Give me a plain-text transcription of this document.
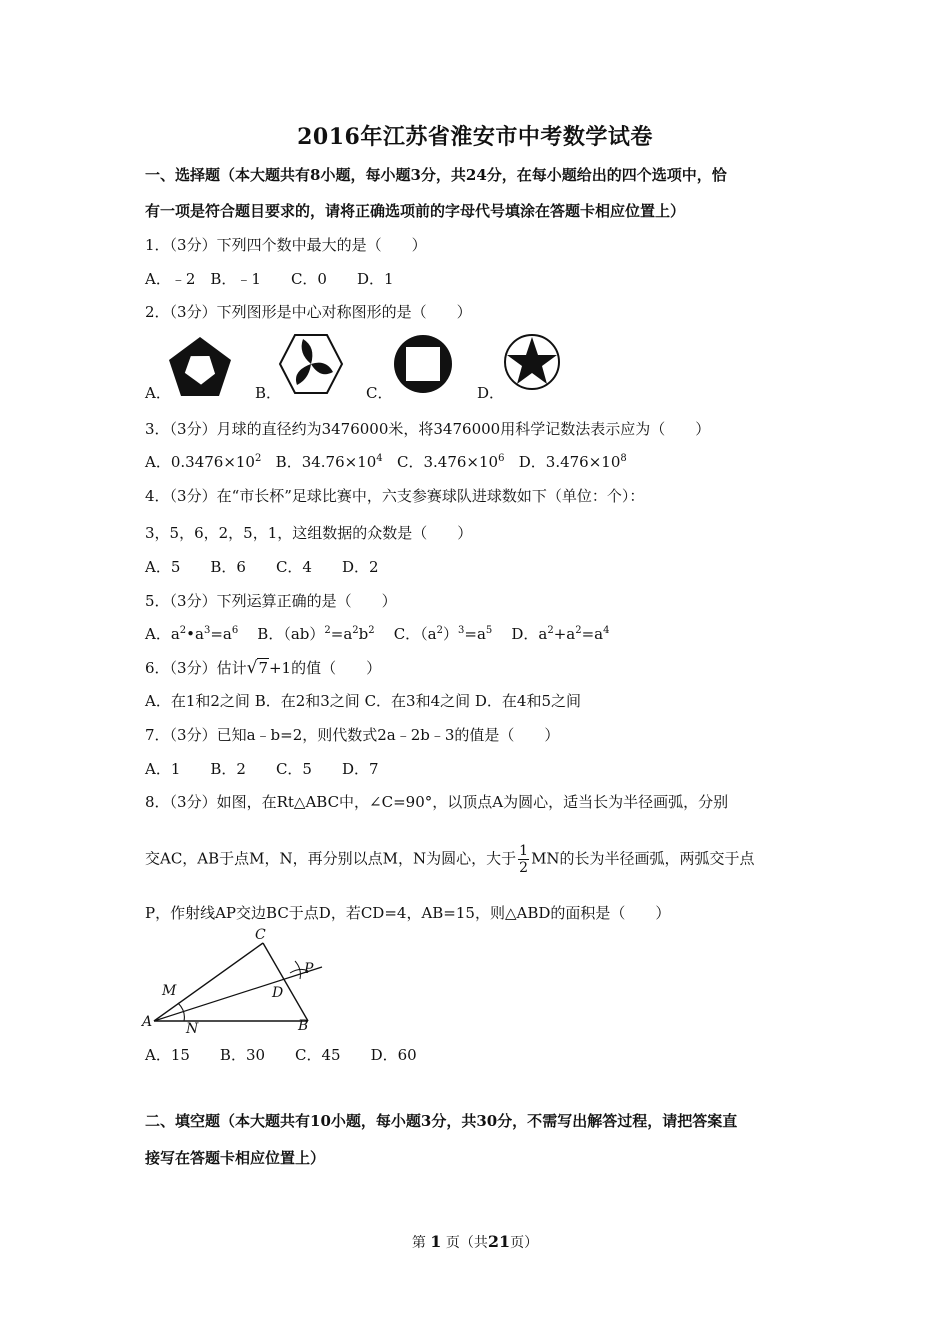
2016年江苏省淮安市中考数学试卷
一、选择题（本大题共有8小题，每小题3分，共24分，在每小题给出的四个选项中，恰
有一项是符合题目要求的，请将正确选项前的字母代号填涂在答题卡相应位置上）
1．（3分）下列四个数中最大的是（　　）
A．﹣2　B．﹣1　　C．0　　D．1
2．（3分）下列图形是中心对称图形的是（　　）
A．	B．	C．	D．
3．（3分）月球的直径约为3476000米，将3476000用科学记数法表示应为（　　）
A．$0.3476\times 10^2$ B．$34.76\times 10^4$ C．$3.476\times 10^6$ D．$3.476\times 10^8$
4．（3分）在“市长杯”足球比赛中，六支参赛球队进球数如下（单位：个）：
3，5，6，2，5，1，这组数据的众数是（　　）
A．5　　B．6　　C．4　　D．2
5．（3分）下列运算正确的是（　　）
A．$a^2•a^3=a^6$ B．$(ab)^2=a^2b^2$ C．$(a^2)^3=a^5$ D．$a^2+a^2=a^4$
6．（3分）估计√7+1的值（　　）
A．在1和2之间 B．在2和3之间 C．在3和4之间 D．在4和5之间
7．（3分）已知a﹣b=2，则代数式2a﹣2b﹣3的值是（　　）
A．1　　B．2　　C．5　　D．7
8．（3分）如图，在Rt△ABC中，∠C=90°，以顶点A为圆心，适当长为半径画弧，分别
交AC，AB于点M，N，再分别以点M，N为圆心，大于 $\frac{1}{2}$ MN的长为半径画弧，两弧交于点
P，作射线AP交边BC于点D，若CD=4，AB=15，则△ABD的面积是（　　）
C
A	B
D
M
N
P
A．15　　B．30　　C．45　　D．60
二、填空题（本大题共有10小题，每小题3分，共30分，不需写出解答过程，请把答案直
接写在答题卡相应位置上）
第 1 页（共21页）
